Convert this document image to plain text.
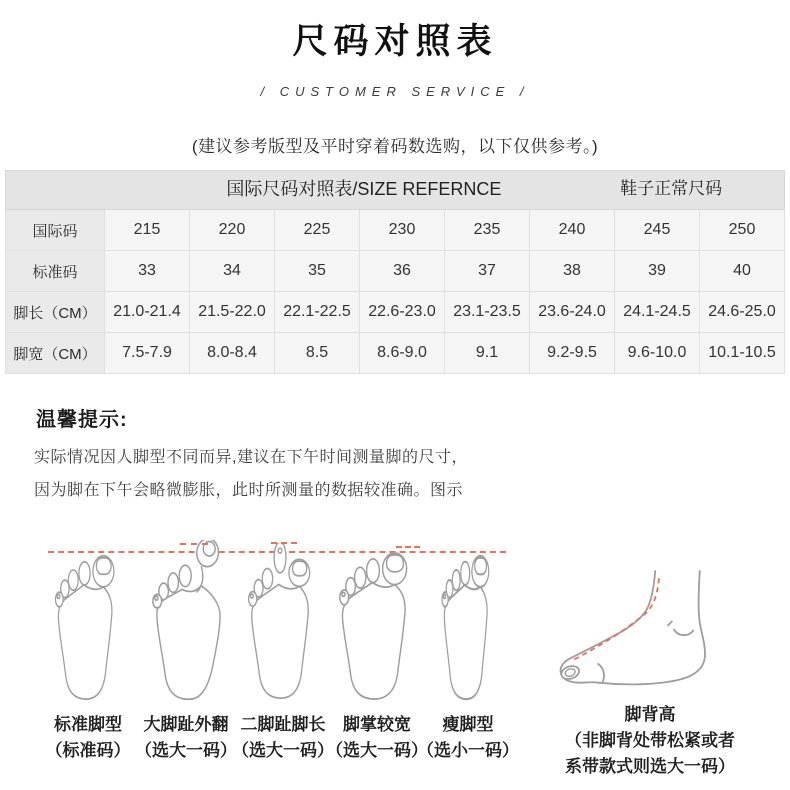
尺码对照表
/ CUSTOMER SERVICE /
(建议参考版型及平时穿着码数选购，以下仅供参考。)
国际尺码对照表/SIZE REFERNCE 鞋子正常尺码								

国际码	215	220	225	230	235	240	245	250
标准码	33	34	35	36	37	38	39	40
脚长（CM）	21.0-21.4	21.5-22.0	22.1-22.5	22.6-23.0	23.1-23.5	23.6-24.0	24.1-24.5	24.6-25.0
脚宽（CM）	7.5-7.9	8.0-8.4	8.5	8.6-9.0	9.1	9.2-9.5	9.6-10.0	10.1-10.5
温馨提示:
实际情况因人脚型不同而异,建议在下午时间测量脚的尺寸，
因为脚在下午会略微膨胀，此时所测量的数据较准确。图示
标准脚型
（标准码）
大脚趾外翻
（选大一码）
二脚趾脚长
（选大一码）
脚掌较宽
（选大一码）
瘦脚型
（选小一码）
脚背高
（非脚背处带松紧或者
系带款式则选大一码）
